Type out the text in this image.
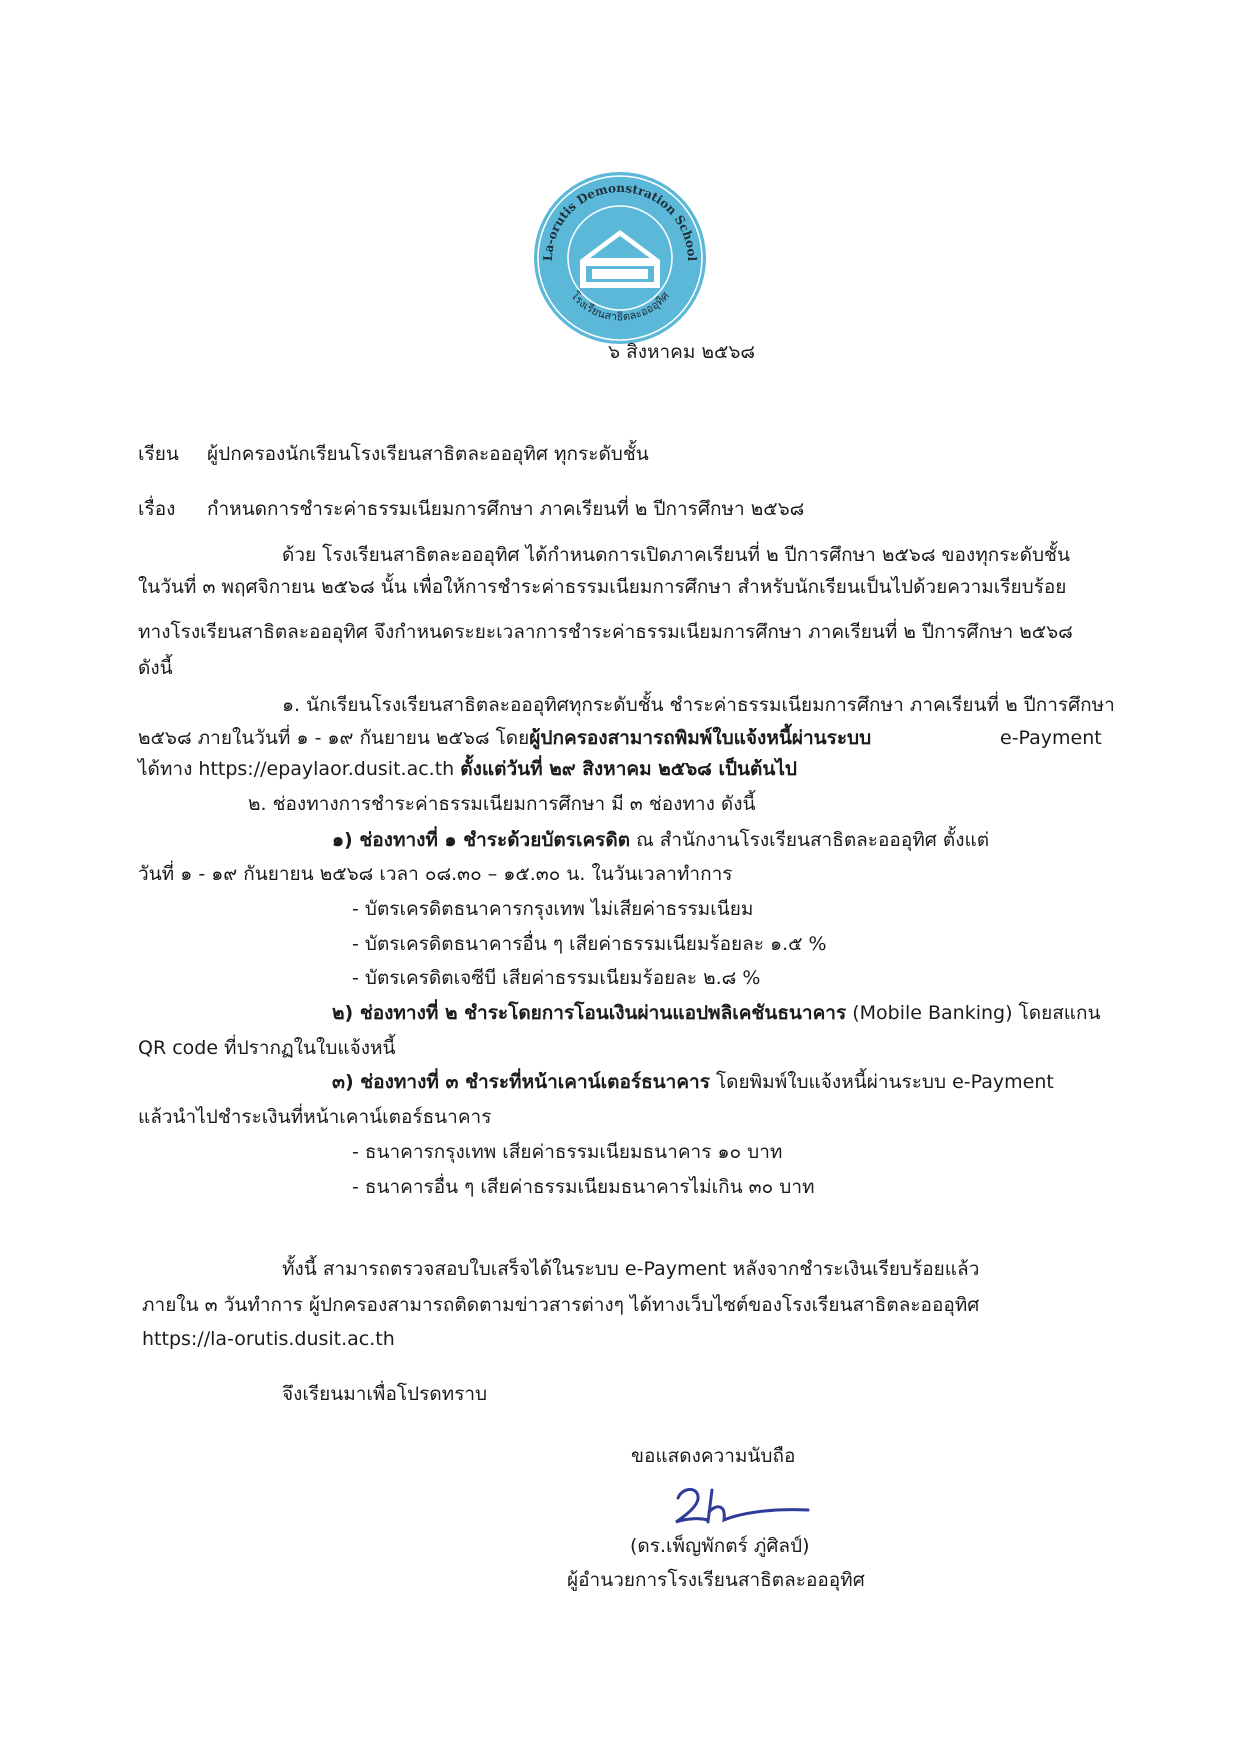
La-orutis Demonstration School
โรงเรียนสาธิตละอออุทิศ
๖ สิงหาคม ๒๕๖๘
เรียน ผู้ปกครองนักเรียนโรงเรียนสาธิตละอออุทิศ ทุกระดับชั้น
เรื่อง กำหนดการชำระค่าธรรมเนียมการศึกษา ภาคเรียนที่ ๒ ปีการศึกษา ๒๕๖๘
ด้วย โรงเรียนสาธิตละอออุทิศ ได้กำหนดการเปิดภาคเรียนที่ ๒ ปีการศึกษา ๒๕๖๘ ของทุกระดับชั้น
ในวันที่ ๓ พฤศจิกายน ๒๕๖๘ นั้น เพื่อให้การชำระค่าธรรมเนียมการศึกษา สำหรับนักเรียนเป็นไปด้วยความเรียบร้อย
ทางโรงเรียนสาธิตละอออุทิศ จึงกำหนดระยะเวลาการชำระค่าธรรมเนียมการศึกษา ภาคเรียนที่ ๒ ปีการศึกษา ๒๕๖๘
ดังนี้
๑. นักเรียนโรงเรียนสาธิตละอออุทิศทุกระดับชั้น ชำระค่าธรรมเนียมการศึกษา ภาคเรียนที่ ๒ ปีการศึกษา
๒๕๖๘ ภายในวันที่ ๑ - ๑๙ กันยายน ๒๕๖๘ โดยผู้ปกครองสามารถพิมพ์ใบแจ้งหนี้ผ่านระบบ	e-Payment
ได้ทาง https://epaylaor.dusit.ac.th ตั้งแต่วันที่ ๒๙ สิงหาคม ๒๕๖๘ เป็นต้นไป
๒. ช่องทางการชำระค่าธรรมเนียมการศึกษา มี ๓ ช่องทาง ดังนี้
๑) ช่องทางที่ ๑ ชำระด้วยบัตรเครดิต ณ สำนักงานโรงเรียนสาธิตละอออุทิศ ตั้งแต่
วันที่ ๑ - ๑๙ กันยายน ๒๕๖๘ เวลา ๐๘.๓๐ – ๑๕.๓๐ น. ในวันเวลาทำการ
- บัตรเครดิตธนาคารกรุงเทพ ไม่เสียค่าธรรมเนียม
- บัตรเครดิตธนาคารอื่น ๆ เสียค่าธรรมเนียมร้อยละ ๑.๕ %
- บัตรเครดิตเจซีบี เสียค่าธรรมเนียมร้อยละ ๒.๘ %
๒) ช่องทางที่ ๒ ชำระโดยการโอนเงินผ่านแอปพลิเคชันธนาคาร (Mobile Banking) โดยสแกน
QR code ที่ปรากฏในใบแจ้งหนี้
๓) ช่องทางที่ ๓ ชำระที่หน้าเคาน์เตอร์ธนาคาร โดยพิมพ์ใบแจ้งหนี้ผ่านระบบ e-Payment
แล้วนำไปชำระเงินที่หน้าเคาน์เตอร์ธนาคาร
- ธนาคารกรุงเทพ เสียค่าธรรมเนียมธนาคาร ๑๐ บาท
- ธนาคารอื่น ๆ เสียค่าธรรมเนียมธนาคารไม่เกิน ๓๐ บาท
ทั้งนี้ สามารถตรวจสอบใบเสร็จได้ในระบบ e-Payment หลังจากชำระเงินเรียบร้อยแล้ว
ภายใน ๓ วันทำการ ผู้ปกครองสามารถติดตามข่าวสารต่างๆ ได้ทางเว็บไซต์ของโรงเรียนสาธิตละอออุทิศ
https://la-orutis.dusit.ac.th
จึงเรียนมาเพื่อโปรดทราบ
ขอแสดงความนับถือ
(ดร.เพ็ญพักตร์ ภู่ศิลป์)
ผู้อำนวยการโรงเรียนสาธิตละอออุทิศ
